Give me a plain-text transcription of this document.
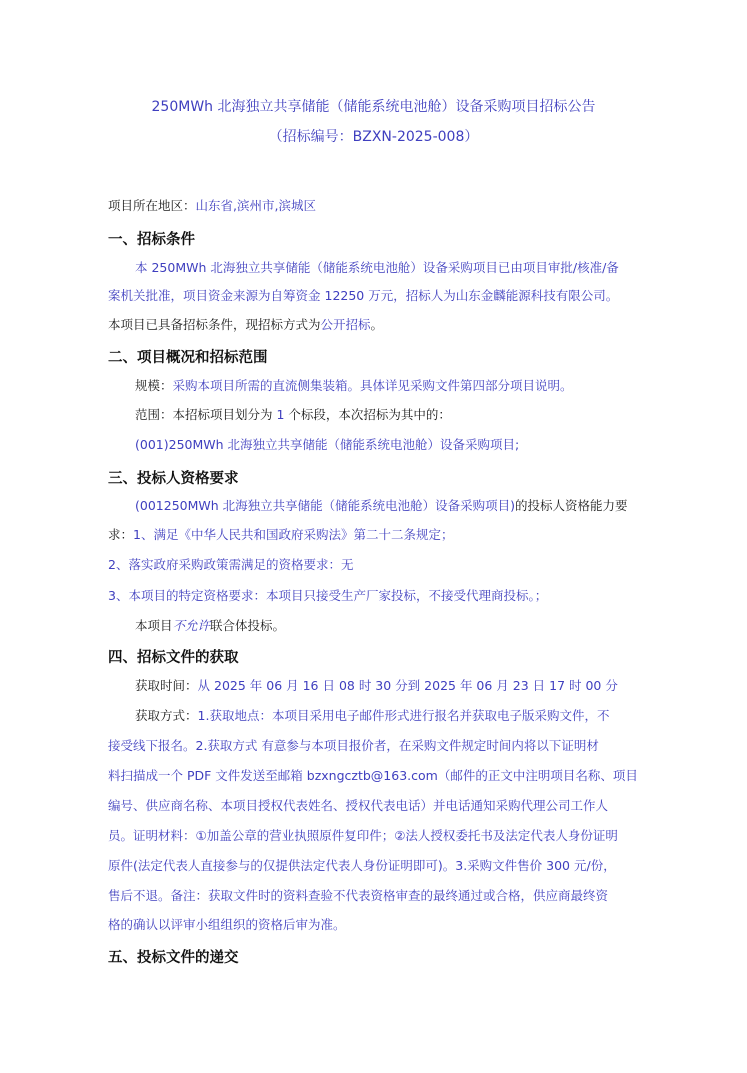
250MWh 北海独立共享储能（储能系统电池舱）设备采购项目招标公告
（招标编号：BZXN-2025-008）
项目所在地区：山东省,滨州市,滨城区
一、招标条件
本 250MWh 北海独立共享储能（储能系统电池舱）设备采购项目已由项目审批/核准/备
案机关批准，项目资金来源为自筹资金 12250 万元，招标人为山东金麟能源科技有限公司。
本项目已具备招标条件，现招标方式为公开招标。
二、项目概况和招标范围
规模：采购本项目所需的直流侧集装箱。具体详见采购文件第四部分项目说明。
范围：本招标项目划分为 1 个标段，本次招标为其中的：
(001)250MWh 北海独立共享储能（储能系统电池舱）设备采购项目;
三、投标人资格要求
(001250MWh 北海独立共享储能（储能系统电池舱）设备采购项目)的投标人资格能力要
求：1、满足《中华人民共和国政府采购法》第二十二条规定；
2、落实政府采购政策需满足的资格要求：无
3、本项目的特定资格要求：本项目只接受生产厂家投标，不接受代理商投标。；
本项目不允许联合体投标。
四、招标文件的获取
获取时间：从 2025 年 06 月 16 日 08 时 30 分到 2025 年 06 月 23 日 17 时 00 分
获取方式：1.获取地点：本项目采用电子邮件形式进行报名并获取电子版采购文件，不
接受线下报名。2.获取方式 有意参与本项目报价者，在采购文件规定时间内将以下证明材
料扫描成一个 PDF 文件发送至邮箱 bzxngcztb@163.com（邮件的正文中注明项目名称、项目
编号、供应商名称、本项目授权代表姓名、授权代表电话）并电话通知采购代理公司工作人
员。证明材料：①加盖公章的营业执照原件复印件；②法人授权委托书及法定代表人身份证明
原件(法定代表人直接参与的仅提供法定代表人身份证明即可)。3.采购文件售价 300 元/份，
售后不退。备注：获取文件时的资料查验不代表资格审查的最终通过或合格，供应商最终资
格的确认以评审小组组织的资格后审为准。
五、投标文件的递交
